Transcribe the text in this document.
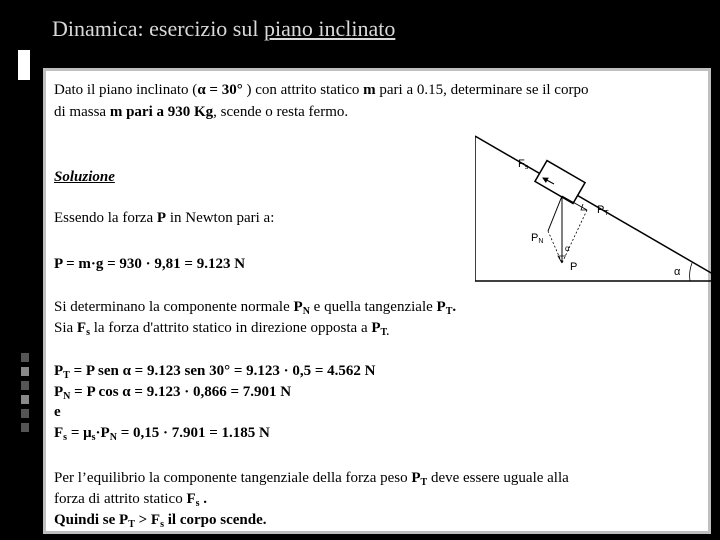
Dinamica: esercizio sul piano inclinato
Dato il piano inclinato (α = 30° ) con attrito statico m pari a 0.15, determinare se il corpo
di massa m pari a 930 Kg, scende o resta fermo.
Soluzione
Essendo la forza P in Newton pari a:
P = m·g = 930 · 9,81 = 9.123 N
Si determinano la componente normale $P_N$ e quella tangenziale $P_T$.
Sia $F_s$ la forza d'attrito statico in direzione opposta a $P_{T.}$
$P_T = P$ sen α = 9.123 sen 30° = 9.123 · 0,5 = 4.562 N
$P_N = P$ cos α = 9.123 · 0,866 = 7.901 N
e
$F_s = \mu_s\cdot P_N = 0,15 \cdot 7.901 = 1.185$ N
Per l’equilibrio la componente tangenziale della forza peso $P_T$ deve essere uguale alla
forza di attrito statico $F_s$ .
Quindi se $P_T > F_s$ il corpo scende.
Fs
PT
PN
P
α
α
